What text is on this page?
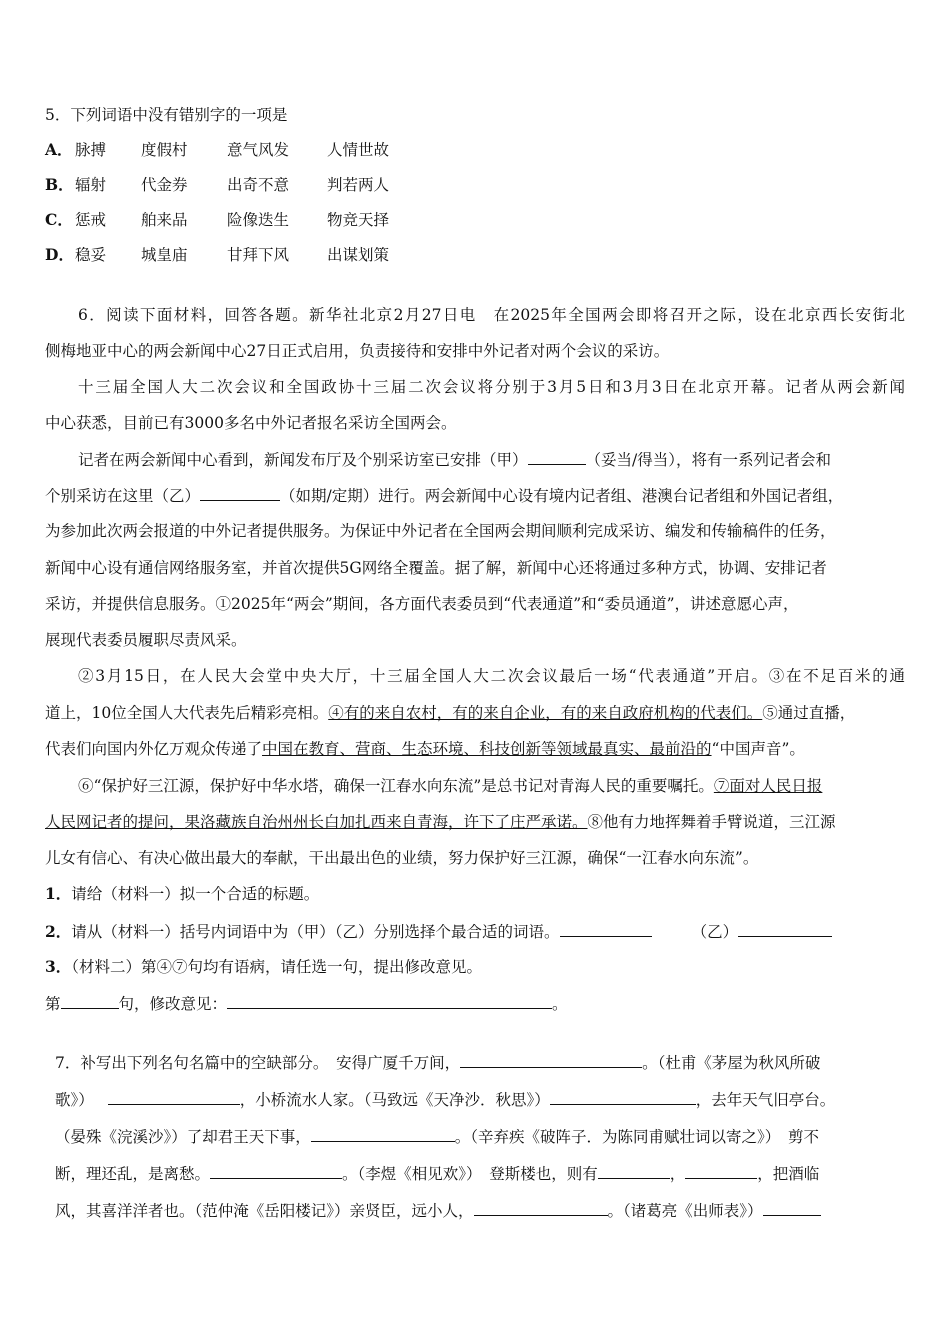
5．下列词语中没有错别字的一项是
A． 脉搏 度假村	意气风发 人情世故
B．辐射 代金券	出奇不意 判若两人
C． 惩戒 舶来品	险像迭生 物竞天择
D．稳妥 城皇庙	甘拜下风 出谋划策
6．阅读下面材料，回答各题。新华社北京2月27日电　在2025年全国两会即将召开之际，设在北京西长安街北
侧梅地亚中心的两会新闻中心27日正式启用，负责接待和安排中外记者对两个会议的采访。
十三届全国人大二次会议和全国政协十三届二次会议将分别于3月5日和3月3日在北京开幕。记者从两会新闻
中心获悉，目前已有3000多名中外记者报名采访全国两会。
记者在两会新闻中心看到，新闻发布厅及个别采访室已安排（甲）	（妥当/得当），将有一系列记者会和
个别采访在这里（乙）	（如期/定期）进行。两会新闻中心设有境内记者组、港澳台记者组和外国记者组，
为参加此次两会报道的中外记者提供服务。为保证中外记者在全国两会期间顺利完成采访、编发和传输稿件的任务，
新闻中心设有通信网络服务室，并首次提供5G网络全覆盖。据了解，新闻中心还将通过多种方式，协调、安排记者
采访，并提供信息服务。①2025年“两会”期间，各方面代表委员到“代表通道”和“委员通道”，讲述意愿心声，
展现代表委员履职尽责风采。
②3月15日，在人民大会堂中央大厅，十三届全国人大二次会议最后一场“代表通道”开启。③在不足百米的通
道上，10位全国人大代表先后精彩亮相。④有的来自农村，有的来自企业，有的来自政府机构的代表们。⑤通过直播，
代表们向国内外亿万观众传递了中国在教育、营商、生态环境、科技创新等领域最真实、最前沿的“中国声音”。
⑥“保护好三江源，保护好中华水塔，确保一江春水向东流”是总书记对青海人民的重要嘱托。⑦面对人民日报
人民网记者的提问，果洛藏族自治州州长白加扎西来自青海，许下了庄严承诺。⑧他有力地挥舞着手臂说道，三江源
儿女有信心、有决心做出最大的奉献，干出最出色的业绩，努力保护好三江源，确保“一江春水向东流”。
1．请给（材料一）拟一个合适的标题。
2．请从（材料一）括号内词语中为（甲）（乙）分别选择个最合适的词语。	（乙）
3．（材料二）第④⑦句均有语病，请任选一句，提出修改意见。
第	句，修改意见：	。
7．补写出下列名句名篇中的空缺部分。　安得广厦千万间，	。（杜甫《茅屋为秋风所破
歌》）	，小桥流水人家。（马致远《天净沙．秋思》）	，去年天气旧亭台。
（晏殊《浣溪沙》）了却君王天下事，	。（辛弃疾《破阵子．为陈同甫赋壮词以寄之》）　剪不
断，理还乱，是离愁。	。（李煜《相见欢》）　登斯楼也，则有	，	，把酒临
风，其喜洋洋者也。（范仲淹《岳阳楼记》）亲贤臣，远小人，	。（诸葛亮《出师表》）
